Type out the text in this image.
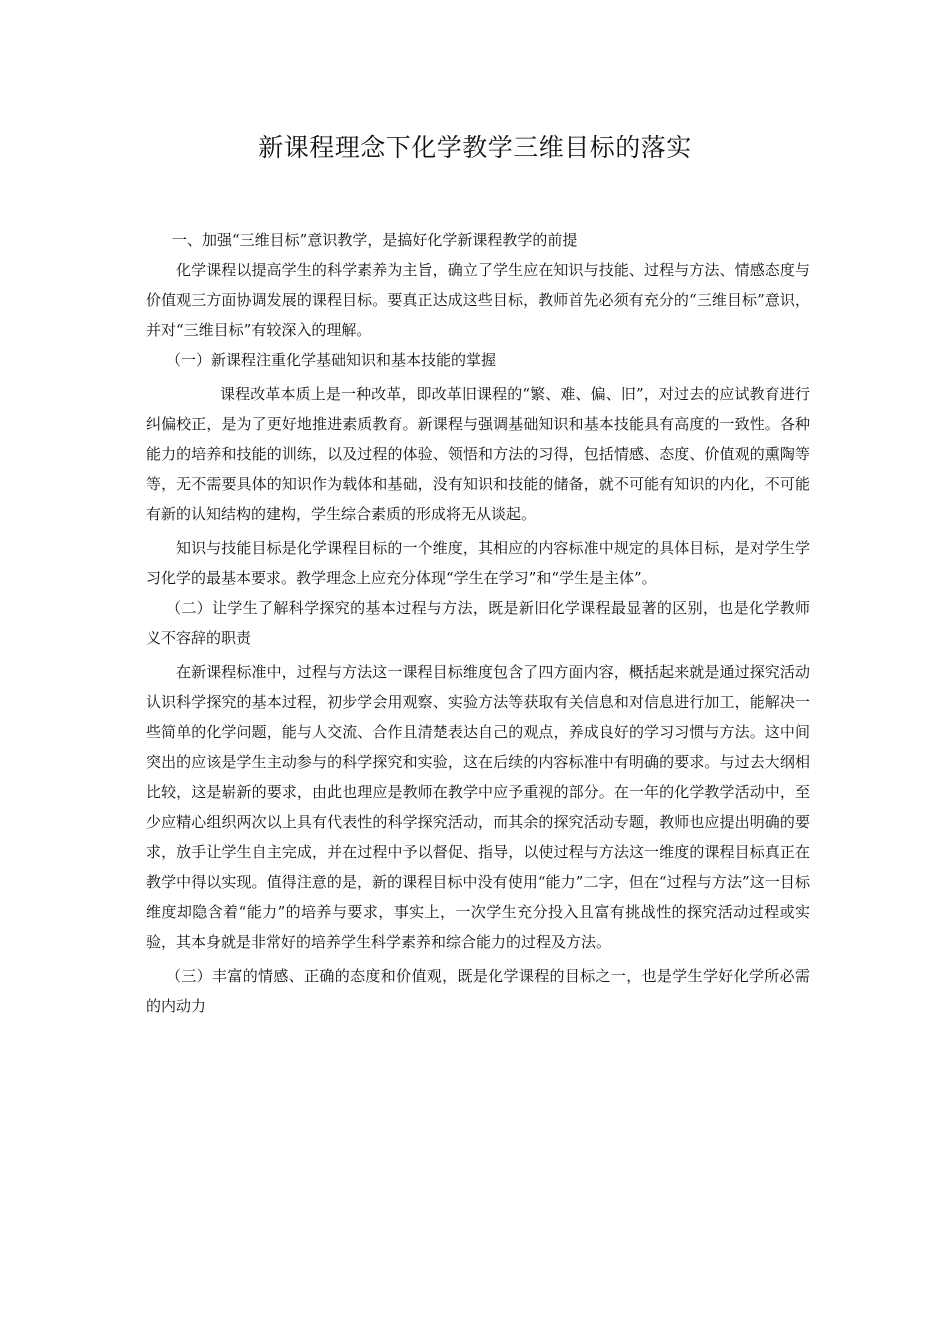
新课程理念下化学教学三维目标的落实

一、加强“三维目标”意识教学，是搞好化学新课程教学的前提

化学课程以提高学生的科学素养为主旨，确立了学生应在知识与技能、过程与方法、情感态度与价值观三方面协调发展的课程目标。要真正达成这些目标，教师首先必须有充分的“三维目标”意识，并对“三维目标”有较深入的理解。

（一）新课程注重化学基础知识和基本技能的掌握

课程改革本质上是一种改革，即改革旧课程的“繁、难、偏、旧”，对过去的应试教育进行纠偏校正，是为了更好地推进素质教育。新课程与强调基础知识和基本技能具有高度的一致性。各种能力的培养和技能的训练，以及过程的体验、领悟和方法的习得，包括情感、态度、价值观的熏陶等等，无不需要具体的知识作为载体和基础，没有知识和技能的储备，就不可能有知识的内化，不可能有新的认知结构的建构，学生综合素质的形成将无从谈起。

知识与技能目标是化学课程目标的一个维度，其相应的内容标准中规定的具体目标，是对学生学习化学的最基本要求。教学理念上应充分体现“学生在学习”和“学生是主体”。

（二）让学生了解科学探究的基本过程与方法，既是新旧化学课程最显著的区别，也是化学教师义不容辞的职责

在新课程标准中，过程与方法这一课程目标维度包含了四方面内容，概括起来就是通过探究活动认识科学探究的基本过程，初步学会用观察、实验方法等获取有关信息和对信息进行加工，能解决一些简单的化学问题，能与人交流、合作且清楚表达自己的观点，养成良好的学习习惯与方法。这中间突出的应该是学生主动参与的科学探究和实验，这在后续的内容标准中有明确的要求。与过去大纲相比较，这是崭新的要求，由此也理应是教师在教学中应予重视的部分。在一年的化学教学活动中，至少应精心组织两次以上具有代表性的科学探究活动，而其余的探究活动专题，教师也应提出明确的要求，放手让学生自主完成，并在过程中予以督促、指导，以使过程与方法这一维度的课程目标真正在教学中得以实现。值得注意的是，新的课程目标中没有使用“能力”二字，但在“过程与方法”这一目标维度却隐含着“能力”的培养与要求，事实上，一次学生充分投入且富有挑战性的探究活动过程或实验，其本身就是非常好的培养学生科学素养和综合能力的过程及方法。

（三）丰富的情感、正确的态度和价值观，既是化学课程的目标之一，也是学生学好化学所必需的内动力
